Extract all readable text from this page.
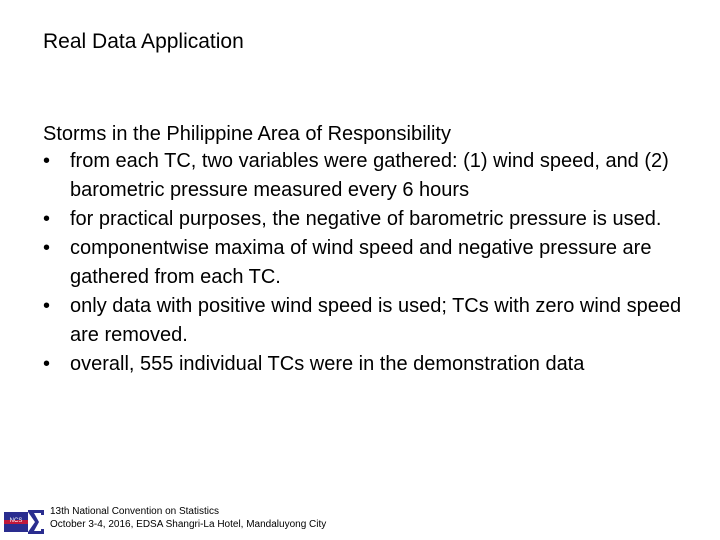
Real Data Application

Storms in the Philippine Area of Responsibility

• from each TC, two variables were gathered: (1) wind speed, and (2) barometric pressure measured every 6 hours
• for practical purposes, the negative of barometric pressure is used.
• componentwise maxima of wind speed and negative pressure are gathered from each TC.
• only data with positive wind speed is used; TCs with zero wind speed are removed.
• overall, 555 individual TCs were in the demonstration data
NCS
13th National Convention on Statistics
October 3-4, 2016, EDSA Shangri-La Hotel, Mandaluyong City
